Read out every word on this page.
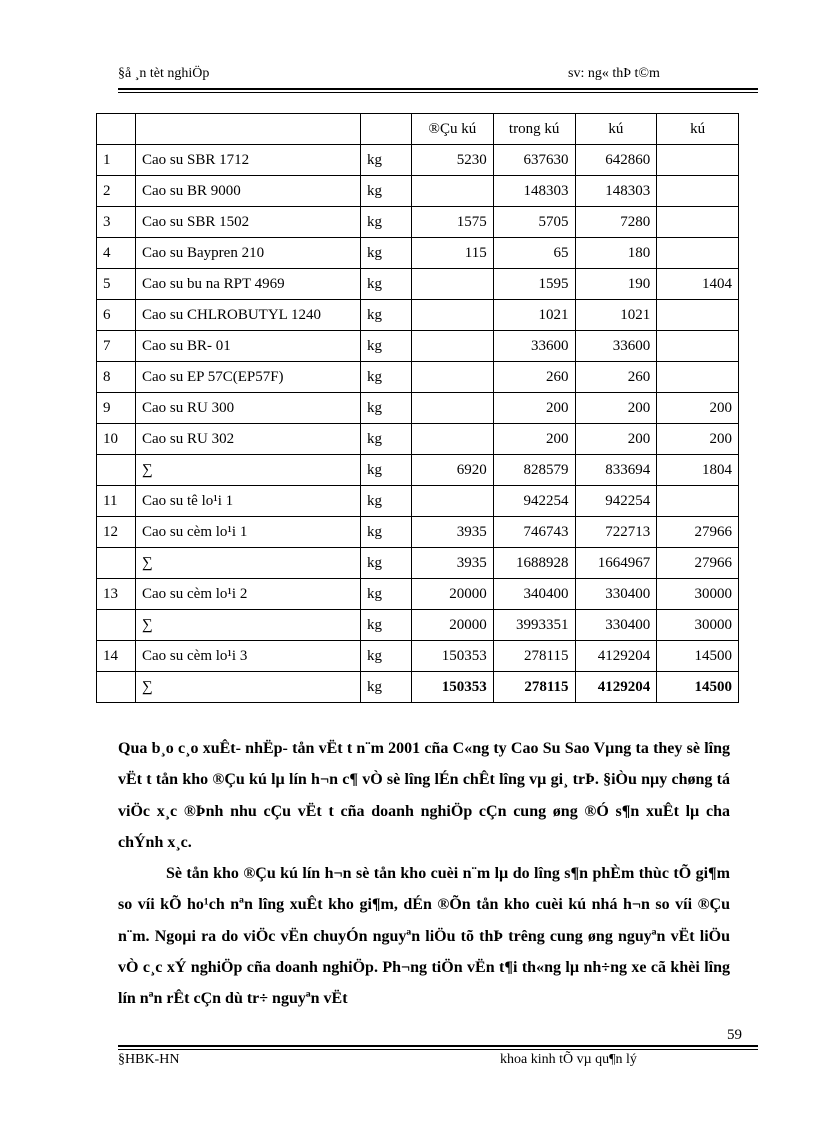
§å ¸n tèt nghiÖp	sv: ng« thÞ t©m
			®Çu kú	trong kú	kú	kú
1	Cao su SBR 1712	kg	5230	637630	642860	
2	Cao su BR 9000	kg		148303	148303	
3	Cao su SBR 1502	kg	1575	5705	7280	
4	Cao su Baypren 210	kg	115	65	180	
5	Cao su bu na RPT 4969	kg		1595	190	1404
6	Cao su CHLROBUTYL 1240	kg		1021	1021	
7	Cao su BR- 01	kg		33600	33600	
8	Cao su EP 57C(EP57F)	kg		260	260	
9	Cao su RU 300	kg		200	200	200
10	Cao su RU 302	kg		200	200	200
	∑	kg	6920	828579	833694	1804
11	Cao su tê lo¹i 1	kg		942254	942254	
12	Cao su cèm lo¹i 1	kg	3935	746743	722713	27966
	∑	kg	3935	1688928	1664967	27966
13	Cao su cèm lo¹i 2	kg	20000	340400	330400	30000
	∑	kg	20000	3993351	330400	30000
14	Cao su cèm lo¹i 3	kg	150353	278115	4129204	14500
	∑	kg	150353	278115	4129204	14500

Qua b¸o c¸o xuÊt- nhËp- tån vËt t n¨m 2001 cña C«ng ty Cao Su Sao Vµng ta they sè lîng vËt t tån kho ®Çu kú lµ lín h¬n c¶ vÒ sè lîng lÉn chÊt lîng vµ gi¸ trÞ. §iÒu nµy chøng tá viÖc x¸c ®Þnh nhu cÇu vËt t cña doanh nghiÖp cÇn cung øng ®Ó s¶n xuÊt lµ cha chÝnh x¸c.

Sè tån kho ®Çu kú lín h¬n sè tån kho cuèi n¨m lµ do lîng s¶n phÈm thùc tÕ gi¶m so víi kÕ ho¹ch nªn lîng xuÊt kho gi¶m, dÉn ®Õn tån kho cuèi kú nhá h¬n so víi ®Çu n¨m. Ngoµi ra do viÖc vËn chuyÓn nguyªn liÖu tõ thÞ trêng cung øng nguyªn vËt liÖu vÒ c¸c xÝ nghiÖp cña doanh nghiÖp. Ph¬ng tiÖn vËn t¶i th«ng lµ nh÷ng xe cã khèi lîng lín nªn rÊt cÇn dù tr÷ nguyªn vËt

59
§HBK-HN	khoa kinh tÕ vµ qu¶n lý
